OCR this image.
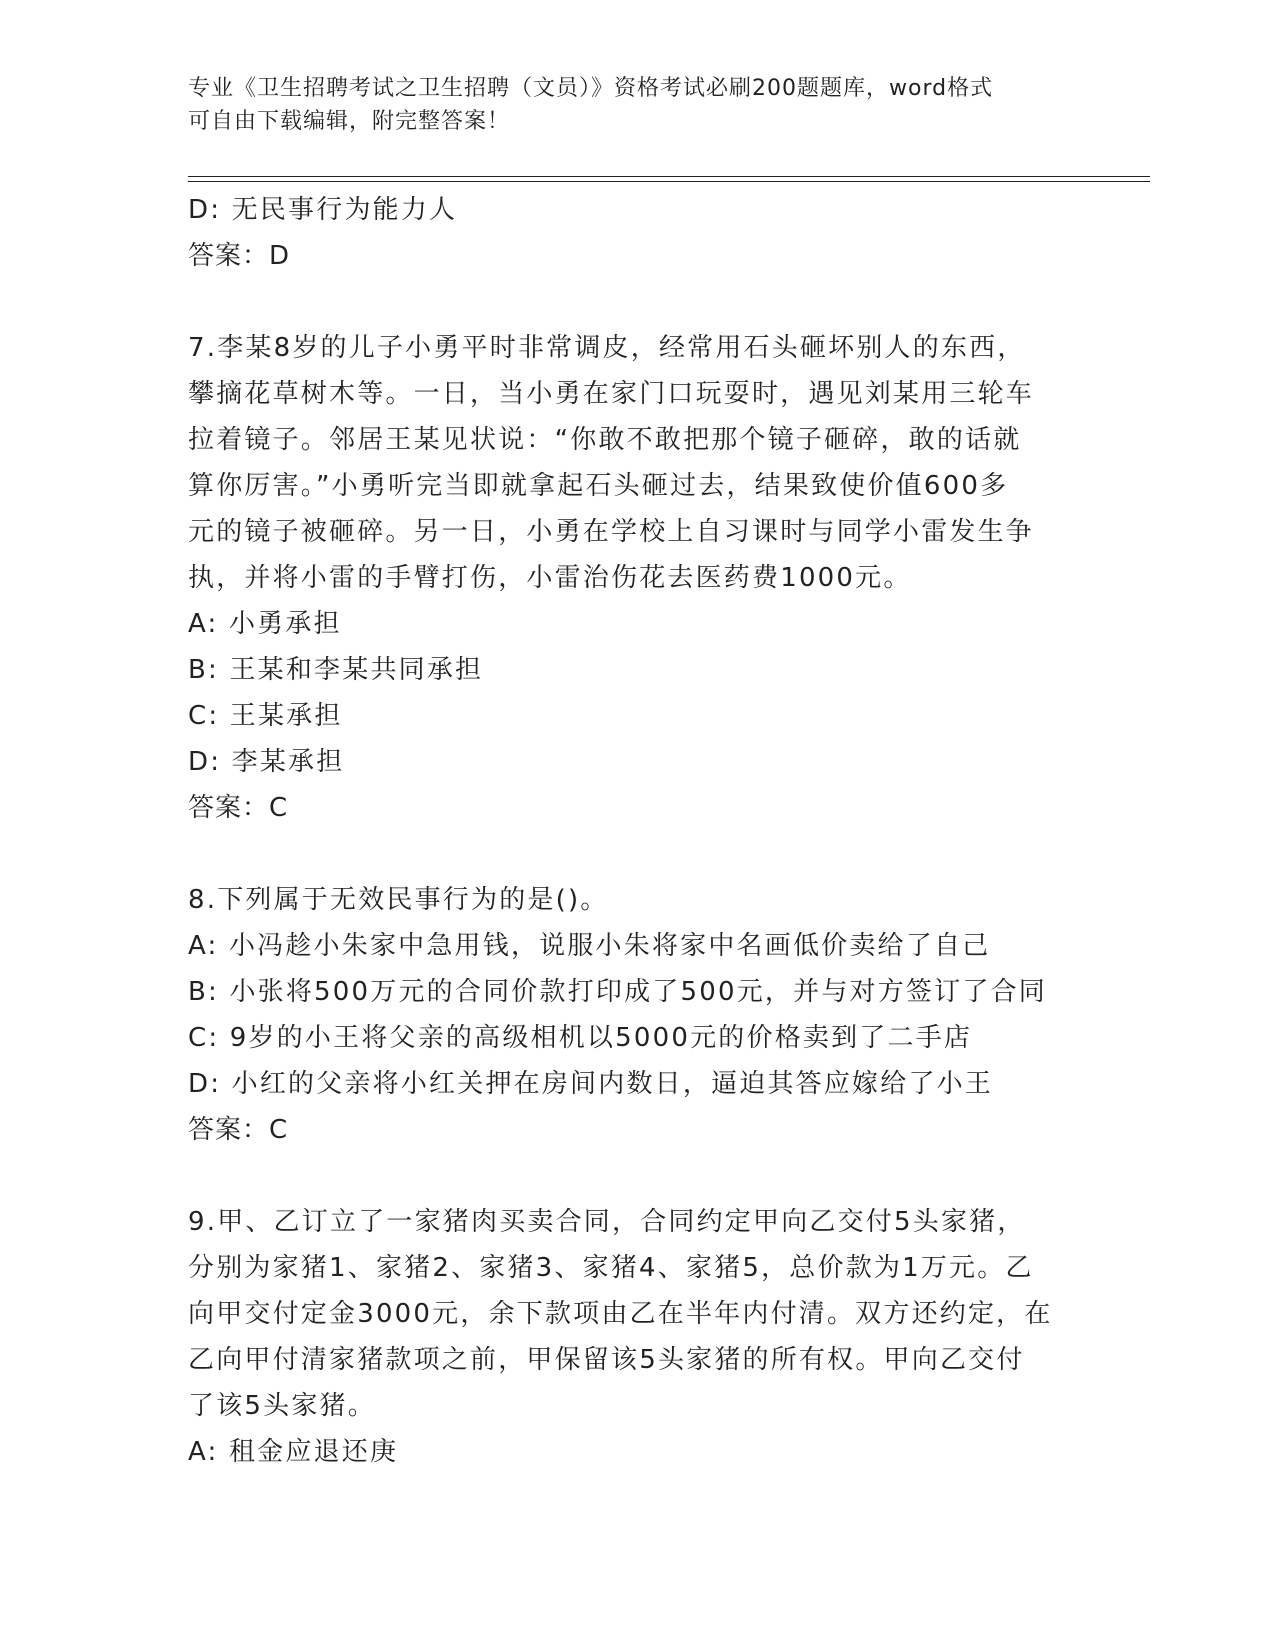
专业《卫生招聘考试之卫生招聘（文员）》资格考试必刷200题题库，word格式
可自由下载编辑，附完整答案！
D: 无民事行为能力人
答案：D
7.李某8岁的儿子小勇平时非常调皮，经常用石头砸坏别人的东西，
攀摘花草树木等。一日，当小勇在家门口玩耍时，遇见刘某用三轮车
拉着镜子。邻居王某见状说：“你敢不敢把那个镜子砸碎，敢的话就
算你厉害。”小勇听完当即就拿起石头砸过去，结果致使价值600多
元的镜子被砸碎。另一日，小勇在学校上自习课时与同学小雷发生争
执，并将小雷的手臂打伤，小雷治伤花去医药费1000元。
A: 小勇承担
B: 王某和李某共同承担
C: 王某承担
D: 李某承担
答案：C
8.下列属于无效民事行为的是()。
A: 小冯趁小朱家中急用钱，说服小朱将家中名画低价卖给了自己
B: 小张将500万元的合同价款打印成了500元，并与对方签订了合同
C: 9岁的小王将父亲的高级相机以5000元的价格卖到了二手店
D: 小红的父亲将小红关押在房间内数日，逼迫其答应嫁给了小王
答案：C
9.甲、乙订立了一家猪肉买卖合同，合同约定甲向乙交付5头家猪，
分别为家猪1、家猪2、家猪3、家猪4、家猪5，总价款为1万元。乙
向甲交付定金3000元，余下款项由乙在半年内付清。双方还约定，在
乙向甲付清家猪款项之前，甲保留该5头家猪的所有权。甲向乙交付
了该5头家猪。
A: 租金应退还庚
